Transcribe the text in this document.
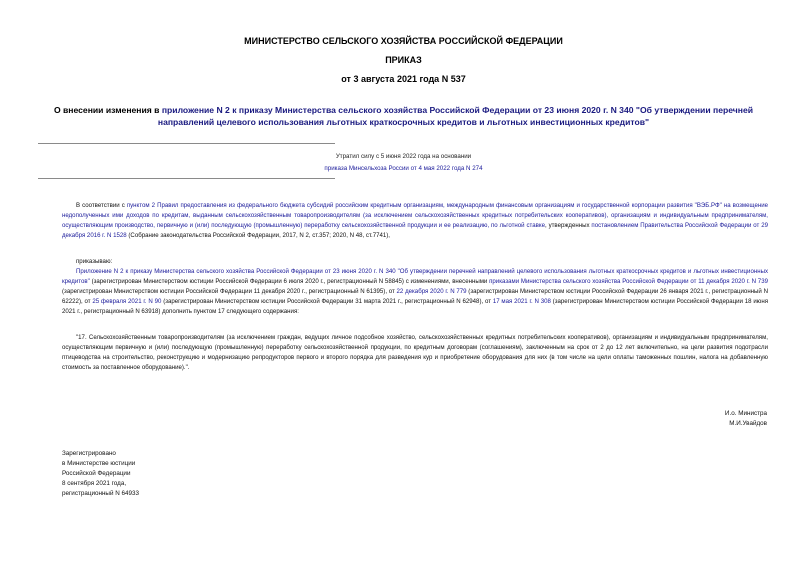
МИНИСТЕРСТВО СЕЛЬСКОГО ХОЗЯЙСТВА РОССИЙСКОЙ ФЕДЕРАЦИИ
ПРИКАЗ
от 3 августа 2021 года N 537
О внесении изменения в приложение N 2 к приказу Министерства сельского хозяйства Российской Федерации от 23 июня 2020 г. N 340 "Об утверждении перечней направлений целевого использования льготных краткосрочных кредитов и льготных инвестиционных кредитов"
Утратил силу с 5 июня 2022 года на основании
приказа Минсельхоза России от 4 мая 2022 года N 274
В соответствии с пунктом 2 Правил предоставления из федерального бюджета субсидий российским кредитным организациям, международным финансовым организациям и государственной корпорации развития "ВЭБ.РФ" на возмещение недополученных ими доходов по кредитам, выданным сельскохозяйственным товаропроизводителям (за исключением сельскохозяйственных кредитных потребительских кооперативов), организациям и индивидуальным предпринимателям, осуществляющим производство, первичную и (или) последующую (промышленную) переработку сельскохозяйственной продукции и ее реализацию, по льготной ставке, утвержденных постановлением Правительства Российской Федерации от 29 декабря 2016 г. N 1528 (Собрание законодательства Российской Федерации, 2017, N 2, ст.357; 2020, N 48, ст.7741),
приказываю:
Приложение N 2 к приказу Министерства сельского хозяйства Российской Федерации от 23 июня 2020 г. N 340 "Об утверждении перечней направлений целевого использования льготных краткосрочных кредитов и льготных инвестиционных кредитов" (зарегистрирован Министерством юстиции Российской Федерации 6 июля 2020 г., регистрационный N 58845) с изменениями, внесенными приказами Министерства сельского хозяйства Российской Федерации от 11 декабря 2020 г. N 739 (зарегистрирован Министерством юстиции Российской Федерации 11 декабря 2020 г., регистрационный N 61395), от 22 декабря 2020 г. N 779 (зарегистрирован Министерством юстиции Российской Федерации 26 января 2021 г., регистрационный N 62222), от 25 февраля 2021 г. N 90 (зарегистрирован Министерством юстиции Российской Федерации 31 марта 2021 г., регистрационный N 62948), от 17 мая 2021 г. N 308 (зарегистрирован Министерством юстиции Российской Федерации 18 июня 2021 г., регистрационный N 63918) дополнить пунктом 17 следующего содержания:
"17. Сельскохозяйственным товаропроизводителям (за исключением граждан, ведущих личное подсобное хозяйство, сельскохозяйственных кредитных потребительских кооперативов), организациям и индивидуальным предпринимателям, осуществляющим первичную и (или) последующую (промышленную) переработку сельскохозяйственной продукции, по кредитным договорам (соглашениям), заключенным на срок от 2 до 12 лет включительно, на цели развития подотрасли птицеводства на строительство, реконструкцию и модернизацию репродукторов первого и второго порядка для разведения кур и приобретение оборудования для них (в том числе на цели оплаты таможенных пошлин, налога на добавленную стоимость за поставленное оборудование).".
И.о. Министра
М.И.Увайдов
Зарегистрировано
в Министерстве юстиции
Российской Федерации
8 сентября 2021 года,
регистрационный N 64933
